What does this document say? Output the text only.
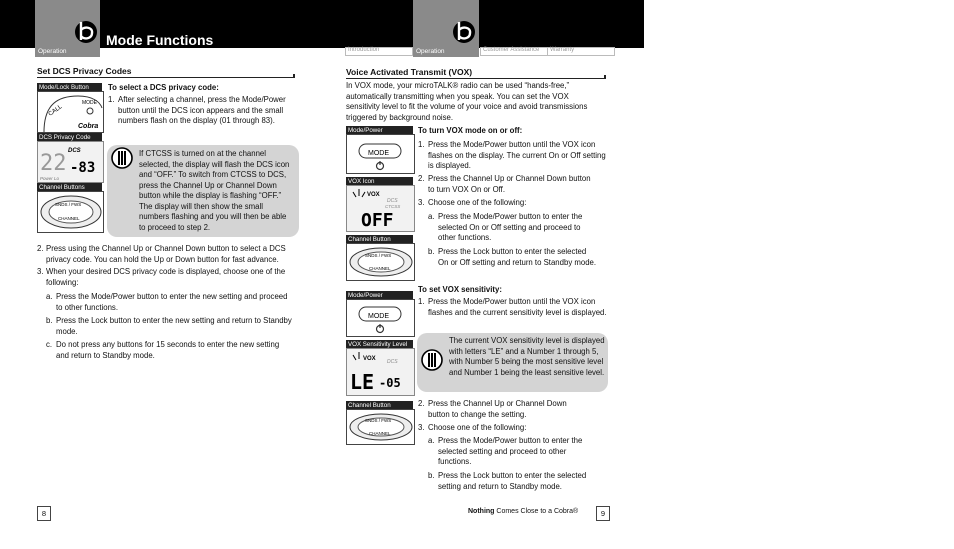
Operation
Mode Functions
Operation
Introduction	Customer Assistance Warranty
Set DCS Privacy Codes
Mode/Lock Button
CALL
MODE
Cobra
DCS Privacy Code
22 DCS
-83
Power Lo
Channel Buttons
SNDS / FWS
CHANNEL
To select a DCS privacy code:
1. After selecting a channel, press the Mode/Power button until the DCS icon appears and the small numbers flash on the display (01 through 83).
If CTCSS is turned on at the channel selected, the display will flash the DCS icon and “OFF.” To switch from CTCSS to DCS, press the Channel Up or Channel Down button while the display is flashing “OFF.” The display will then show the small numbers flashing and you will then be able to proceed to step 2.
2. Press using the Channel Up or Channel Down button to select a DCS privacy code. You can hold the Up or Down button for fast advance.
3. When your desired DCS privacy code is displayed, choose one of the following:
a. Press the Mode/Power button to enter the new setting and proceed to other functions.
b. Press the Lock button to enter the new setting and return to Standby mode.
c. Do not press any buttons for 15 seconds to enter the new setting and return to Standby mode.
8
Voice Activated Transmit (VOX)
In VOX mode, your microTALK® radio can be used “hands-free,” automatically transmitting when you speak. You can set the VOX sensitivity level to fit the volume of your voice and avoid transmissions triggered by background noise.
Mode/Power
MODE
VOX Icon
VOX
DCS
CTCSS
OFF
Channel Button
SNDS / FWS
CHANNEL
Mode/Power
MODE
VOX Sensitivity Level
VOX DCS
LE -05
Channel Button
SNDS / FWS
CHANNEL
To turn VOX mode on or off:
1. Press the Mode/Power button until the VOX icon flashes on the display. The current On or Off setting is displayed.
2. Press the Channel Up or Channel Down button to turn VOX On or Off.
3. Choose one of the following:
a. Press the Mode/Power button to enter the selected On or Off setting and proceed to other functions.
b. Press the Lock button to enter the selected On or Off setting and return to Standby mode.
To set VOX sensitivity:
1. Press the Mode/Power button until the VOX icon flashes and the current sensitivity level is displayed.
The current VOX sensitivity level is displayed with letters “LE” and a Number 1 through 5, with Number 5 being the most sensitive level and Number 1 being the least sensitive level.
2. Press the Channel Up or Channel Down button to change the setting.
3. Choose one of the following:
a. Press the Mode/Power button to enter the selected setting and proceed to other functions.
b. Press the Lock button to enter the selected setting and return to Standby mode.
Nothing Comes Close to a Cobra®	9
